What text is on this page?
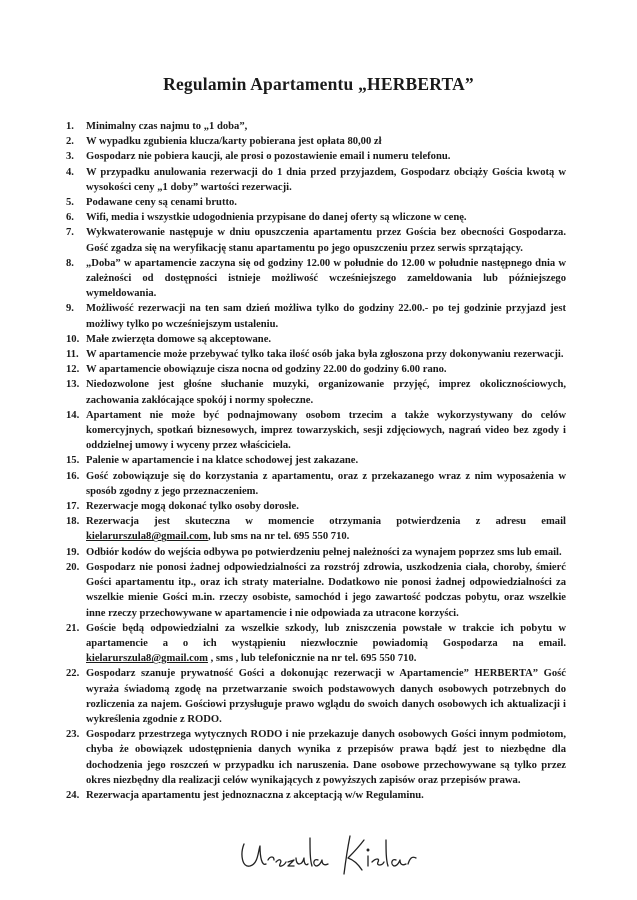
Regulamin Apartamentu „HERBERTA”
1.	Minimalny czas najmu to „1 doba”,
2.	W wypadku zgubienia klucza/karty pobierana jest opłata 80,00 zł
3.	Gospodarz nie pobiera kaucji, ale prosi o pozostawienie email i numeru telefonu.
4.	W przypadku anulowania rezerwacji do 1 dnia przed przyjazdem, Gospodarz obciąży Gościa kwotą w wysokości ceny „1 doby” wartości rezerwacji.
5.	Podawane ceny są cenami brutto.
6.	Wifi, media i wszystkie udogodnienia przypisane do danej oferty są wliczone w cenę.
7.	Wykwaterowanie następuje w dniu opuszczenia apartamentu przez Gościa bez obecności Gospodarza. Gość zgadza się na weryfikację stanu apartamentu po jego opuszczeniu przez serwis sprzątający.
8.	„Doba” w apartamencie zaczyna się od godziny 12.00 w południe do 12.00 w południe następnego dnia w zależności od dostępności istnieje możliwość wcześniejszego zameldowania lub późniejszego wymeldowania.
9.	Możliwość rezerwacji na ten sam dzień możliwa tylko do godziny 22.00.- po tej godzinie przyjazd jest możliwy tylko po wcześniejszym ustaleniu.
10. Małe zwierzęta domowe są akceptowane.
11. W apartamencie może przebywać tylko taka ilość osób jaka była zgłoszona przy dokonywaniu rezerwacji.
12. W apartamencie obowiązuje cisza nocna od godziny 22.00 do godziny 6.00 rano.
13. Niedozwolone jest głośne słuchanie muzyki, organizowanie przyjęć, imprez okolicznościowych, zachowania zakłócające spokój i normy społeczne.
14. Apartament nie może być podnajmowany osobom trzecim a także wykorzystywany do celów komercyjnych, spotkań biznesowych, imprez towarzyskich, sesji zdjęciowych, nagrań video bez zgody i oddzielnej umowy i wyceny przez właściciela.
15. Palenie w apartamencie i na klatce schodowej jest zakazane.
16. Gość zobowiązuje się do korzystania z apartamentu, oraz z przekazanego wraz z nim wyposażenia w sposób zgodny z jego przeznaczeniem.
17. Rezerwacje mogą dokonać tylko osoby dorosłe.
18. Rezerwacja jest skuteczna w momencie otrzymania potwierdzenia z adresu email kielarurszula8@gmail.com, lub sms na nr tel. 695 550 710.
19. Odbiór kodów do wejścia odbywa po potwierdzeniu pełnej należności za wynajem poprzez sms lub email.
20. Gospodarz nie ponosi żadnej odpowiedzialności za rozstrój zdrowia, uszkodzenia ciała, choroby, śmierć Gości apartamentu itp., oraz ich straty materialne. Dodatkowo nie ponosi żadnej odpowiedzialności za wszelkie mienie Gości m.in. rzeczy osobiste, samochód i jego zawartość podczas pobytu, oraz wszelkie inne rzeczy przechowywane w apartamencie i nie odpowiada za utracone korzyści.
21. Goście będą odpowiedzialni za wszelkie szkody, lub zniszczenia powstałe w trakcie ich pobytu w apartamencie a o ich wystąpieniu niezwłocznie powiadomią Gospodarza na email. kielarurszula8@gmail.com , sms , lub telefonicznie na nr tel. 695 550 710.
22. Gospodarz szanuje prywatność Gości a dokonując rezerwacji w Apartamencie” HERBERTA” Gość wyraża świadomą zgodę na przetwarzanie swoich podstawowych danych osobowych potrzebnych do rozliczenia za najem. Gościowi przysługuje prawo wglądu do swoich danych osobowych ich aktualizacji i wykreślenia zgodnie z RODO.
23. Gospodarz przestrzega wytycznych RODO i nie przekazuje danych osobowych Gości innym podmiotom, chyba że obowiązek udostępnienia danych wynika z przepisów prawa bądź jest to niezbędne dla dochodzenia jego roszczeń w przypadku ich naruszenia. Dane osobowe przechowywane są tylko przez okres niezbędny dla realizacji celów wynikających z powyższych zapisów oraz przepisów prawa.
24. Rezerwacja apartamentu jest jednoznaczna z akceptacją w/w Regulaminu.
